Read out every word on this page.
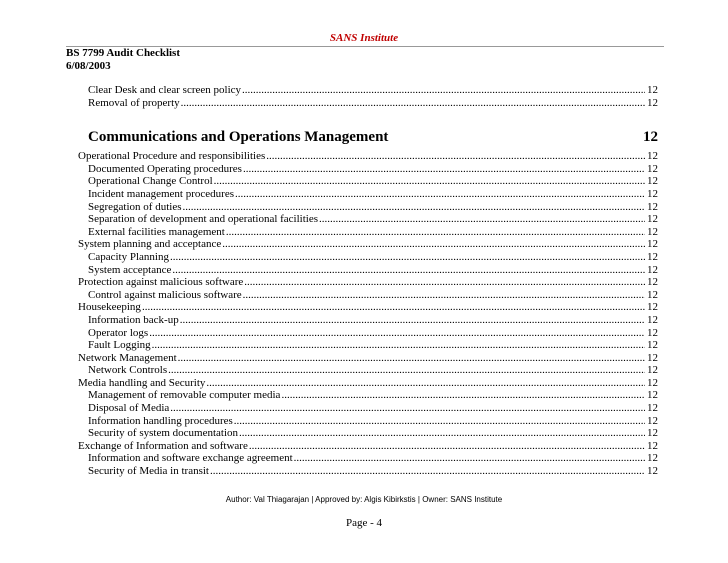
SANS Institute
BS 7799 Audit Checklist
6/08/2003
Clear Desk and clear screen policy .....	12
Removal of property .....	12
Communications and Operations Management	12
Operational Procedure and responsibilities .....	12
Documented Operating procedures .....	12
Operational Change Control .....	12
Incident management procedures .....	12
Segregation of duties .....	12
Separation of development and operational facilities .....	12
External facilities management .....	12
System planning and acceptance .....	12
Capacity Planning .....	12
System acceptance .....	12
Protection against malicious software .....	12
Control against malicious software .....	12
Housekeeping .....	12
Information back-up .....	12
Operator logs .....	12
Fault Logging .....	12
Network Management .....	12
Network Controls .....	12
Media handling and Security .....	12
Management of removable computer media .....	12
Disposal of Media .....	12
Information handling procedures .....	12
Security of system documentation .....	12
Exchange of Information and software .....	12
Information and software exchange agreement .....	12
Security of Media in transit .....	12
Author: Val Thiagarajan | Approved by: Algis Kibirkstis | Owner: SANS Institute
Page - 4
